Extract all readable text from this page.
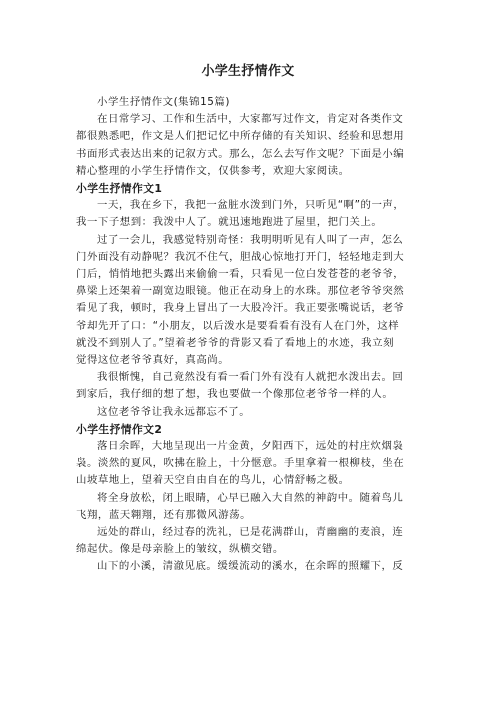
小学生抒情作文

小学生抒情作文(集锦15篇)

在日常学习、工作和生活中，大家都写过作文，肯定对各类作文
都很熟悉吧，作文是人们把记忆中所存储的有关知识、经验和思想用
书面形式表达出来的记叙方式。那么，怎么去写作文呢？下面是小编
精心整理的小学生抒情作文，仅供参考，欢迎大家阅读。

小学生抒情作文1

一天，我在乡下，我把一盆脏水泼到门外，只听见“啊”的一声，
我一下子想到：我泼中人了。就迅速地跑进了屋里，把门关上。

过了一会儿，我感觉特别奇怪：我明明听见有人叫了一声，怎么
门外面没有动静呢？我沉不住气，胆战心惊地打开门，轻轻地走到大
门后，悄悄地把头露出来偷偷一看，只看见一位白发苍苍的老爷爷，
鼻梁上还架着一副宽边眼镜。他正在动身上的水珠。那位老爷爷突然
看见了我，顿时，我身上冒出了一大股冷汗。我正要张嘴说话，老爷
爷却先开了口：“小朋友，以后泼水是要看看有没有人在门外，这样
就没不到别人了。”望着老爷爷的背影又看了看地上的水迹，我立刻
觉得这位老爷爷真好，真高尚。

我很惭愧，自己竟然没有看一看门外有没有人就把水泼出去。回
到家后，我仔细的想了想，我也要做一个像那位老爷爷一样的人。

这位老爷爷让我永远都忘不了。

小学生抒情作文2

落日余晖，大地呈现出一片金黄，夕阳西下，远处的村庄炊烟袅
袅。淡然的夏风，吹拂在脸上，十分惬意。手里拿着一根柳枝，坐在
山坡草地上，望着天空自由自在的鸟儿，心情舒畅之极。

将全身放松，闭上眼睛，心早已融入大自然的神韵中。随着鸟儿
飞翔，蓝天翱翔，还有那微风游荡。

远处的群山，经过春的洗礼，已是花满群山，青幽幽的麦浪，连
绵起伏。像是母亲脸上的皱纹，纵横交错。

山下的小溪，清澈见底。缓缓流动的溪水，在余晖的照耀下，反
